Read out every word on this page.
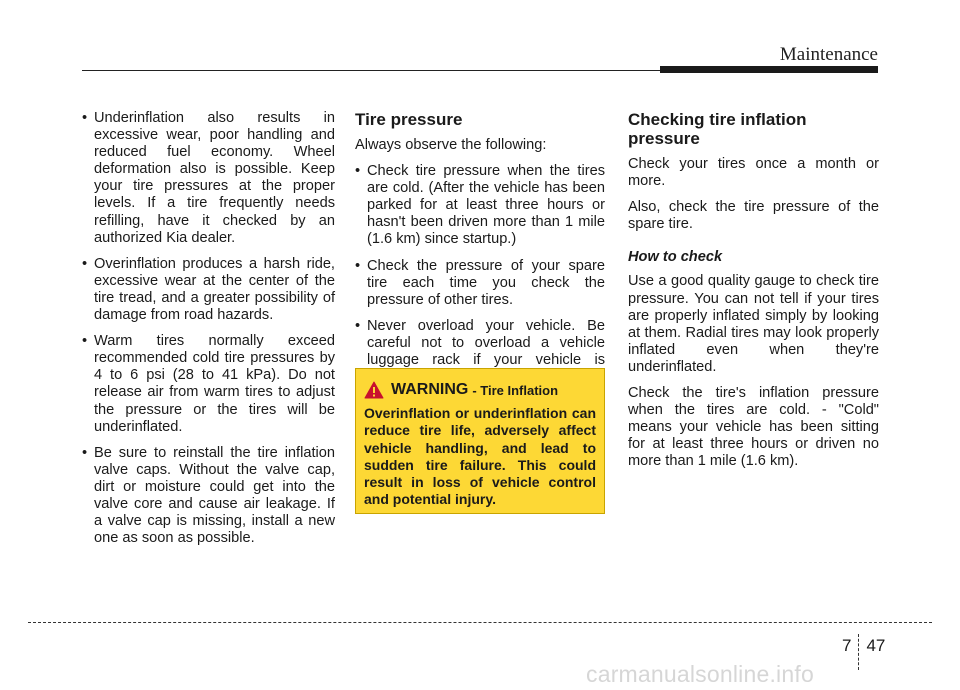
Maintenance
• Underinflation also results in excessive wear, poor handling and reduced fuel economy. Wheel deformation also is possible. Keep your tire pressures at the proper levels. If a tire frequently needs refilling, have it checked by an authorized Kia dealer.
• Overinflation produces a harsh ride, excessive wear at the center of the tire tread, and a greater possibility of damage from road hazards.
• Warm tires normally exceed recommended cold tire pressures by 4 to 6 psi (28 to 41 kPa). Do not release air from warm tires to adjust the pressure or the tires will be underinflated.
• Be sure to reinstall the tire inflation valve caps. Without the valve cap, dirt or moisture could get into the valve core and cause air leakage. If a valve cap is missing, install a new one as soon as possible.
Tire pressure

Always observe the following:

• Check tire pressure when the tires are cold. (After the vehicle has been parked for at least three hours or hasn't been driven more than 1 mile (1.6 km) since startup.)
• Check the pressure of your spare tire each time you check the pressure of other tires.
• Never overload your vehicle. Be careful not to overload a vehicle luggage rack if your vehicle is
WARNING - Tire Inflation

Overinflation or underinflation can reduce tire life, adversely affect vehicle handling, and lead to sudden tire failure. This could result in loss of vehicle control and potential injury.

Checking tire inflation pressure

Check your tires once a month or more.

Also, check the tire pressure of the spare tire.

How to check

Use a good quality gauge to check tire pressure. You can not tell if your tires are properly inflated simply by looking at them. Radial tires may look properly inflated even when they're underinflated.

Check the tire's inflation pressure when the tires are cold. - "Cold" means your vehicle has been sitting for at least three hours or driven no more than 1 mile (1.6 km).

7 47
carmanualsonline.info
